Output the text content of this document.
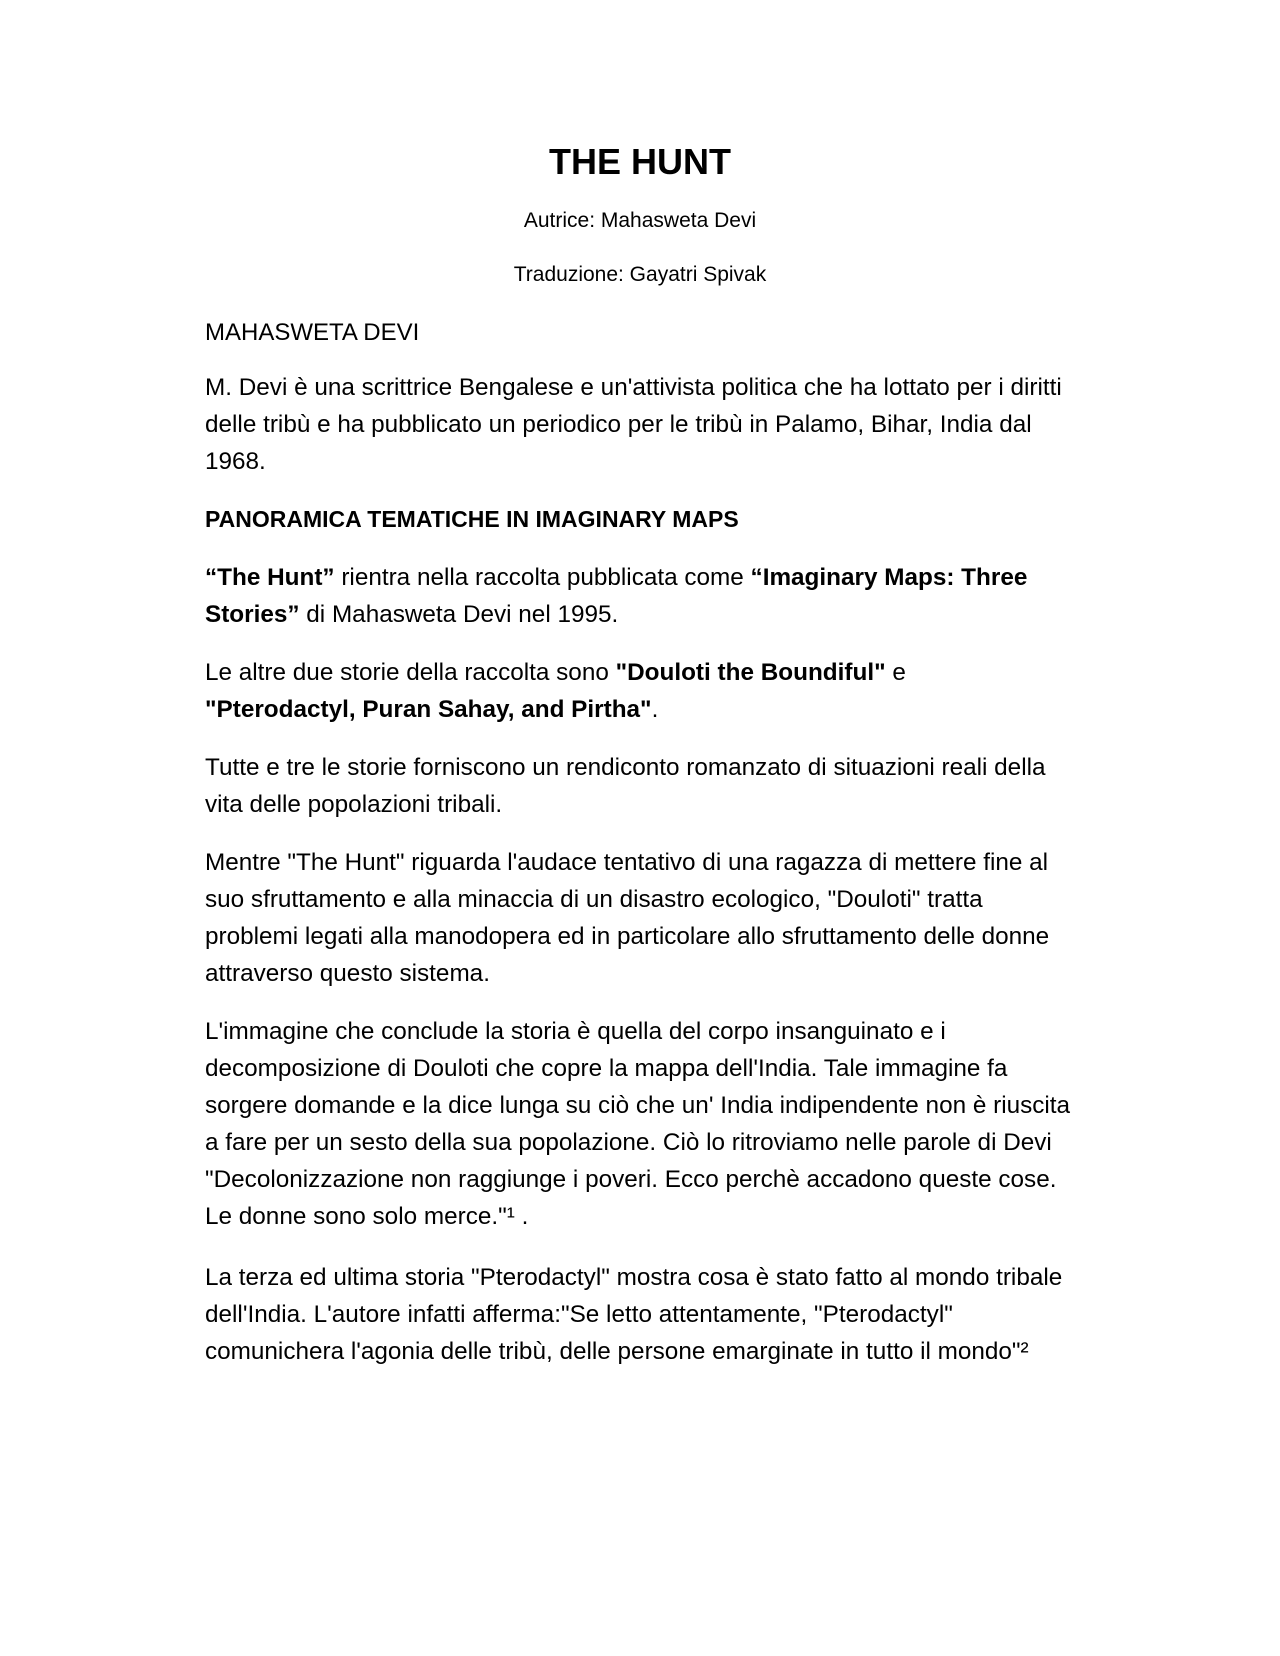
THE HUNT
Autrice: Mahasweta Devi
Traduzione: Gayatri Spivak
MAHASWETA DEVI
M. Devi è una scrittrice Bengalese e un'attivista politica che ha lottato per i diritti delle tribù e ha pubblicato un periodico per le tribù in Palamo, Bihar, India dal 1968.
PANORAMICA TEMATICHE IN IMAGINARY MAPS
“The Hunt” rientra nella raccolta pubblicata come “Imaginary Maps: Three Stories” di Mahasweta Devi nel 1995.
Le altre due storie della raccolta sono "Douloti the Boundiful" e
"Pterodactyl, Puran Sahay, and Pirtha".
Tutte e tre le storie forniscono un rendiconto romanzato di situazioni reali della vita delle popolazioni tribali.
Mentre "The Hunt" riguarda l'audace tentativo di una ragazza di mettere fine al suo sfruttamento e alla minaccia di un disastro ecologico, "Douloti" tratta problemi legati alla manodopera ed in particolare allo sfruttamento delle donne attraverso questo sistema.
L'immagine che conclude la storia è quella del corpo insanguinato e i decomposizione di Douloti che copre la mappa dell'India. Tale immagine fa sorgere domande e la dice lunga su ciò che un' India indipendente non è riuscita a fare per un sesto della sua popolazione. Ciò lo ritroviamo nelle parole di Devi "Decolonizzazione non raggiunge i poveri. Ecco perchè accadono queste cose. Le donne sono solo merce."¹ .
La terza ed ultima storia "Pterodactyl" mostra cosa è stato fatto al mondo tribale dell'India. L'autore infatti afferma:"Se letto attentamente, "Pterodactyl" comunichera l'agonia delle tribù, delle persone emarginate in tutto il mondo"²
